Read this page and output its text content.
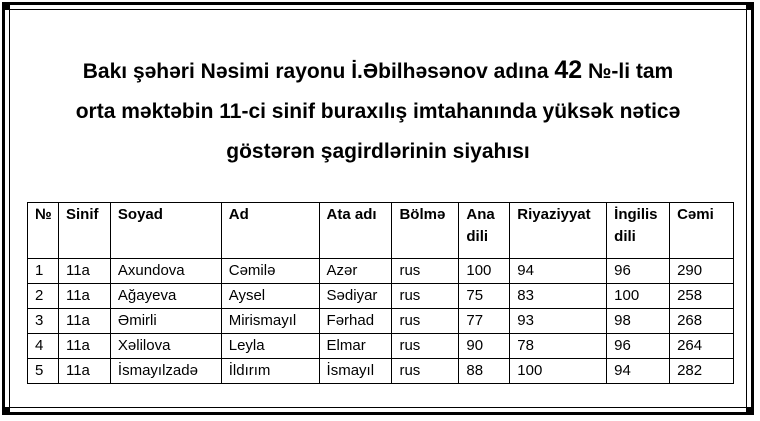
Bakı şəhəri Nəsimi rayonu İ.Əbilhəsənov adına 42 №-li tam
orta məktəbin 11-ci sinif buraxılış imtahanında yüksək nəticə
göstərən şagirdlərinin siyahısı
№	Sinif	Soyad	Ad	Ata adı	Bölmə	Ana dili	Riyaziyyat	İngilis dili	Cəmi
1	11a	Axundova	Cəmilə	Azər	rus	100	94	96	290
2	11a	Ağayeva	Aysel	Sədiyar	rus	75	83	100	258
3	11a	Əmirli	Mirismayıl	Fərhad	rus	77	93	98	268
4	11a	Xəlilova	Leyla	Elmar	rus	90	78	96	264
5	11a	İsmayılzadə	İldırım	İsmayıl	rus	88	100	94	282
